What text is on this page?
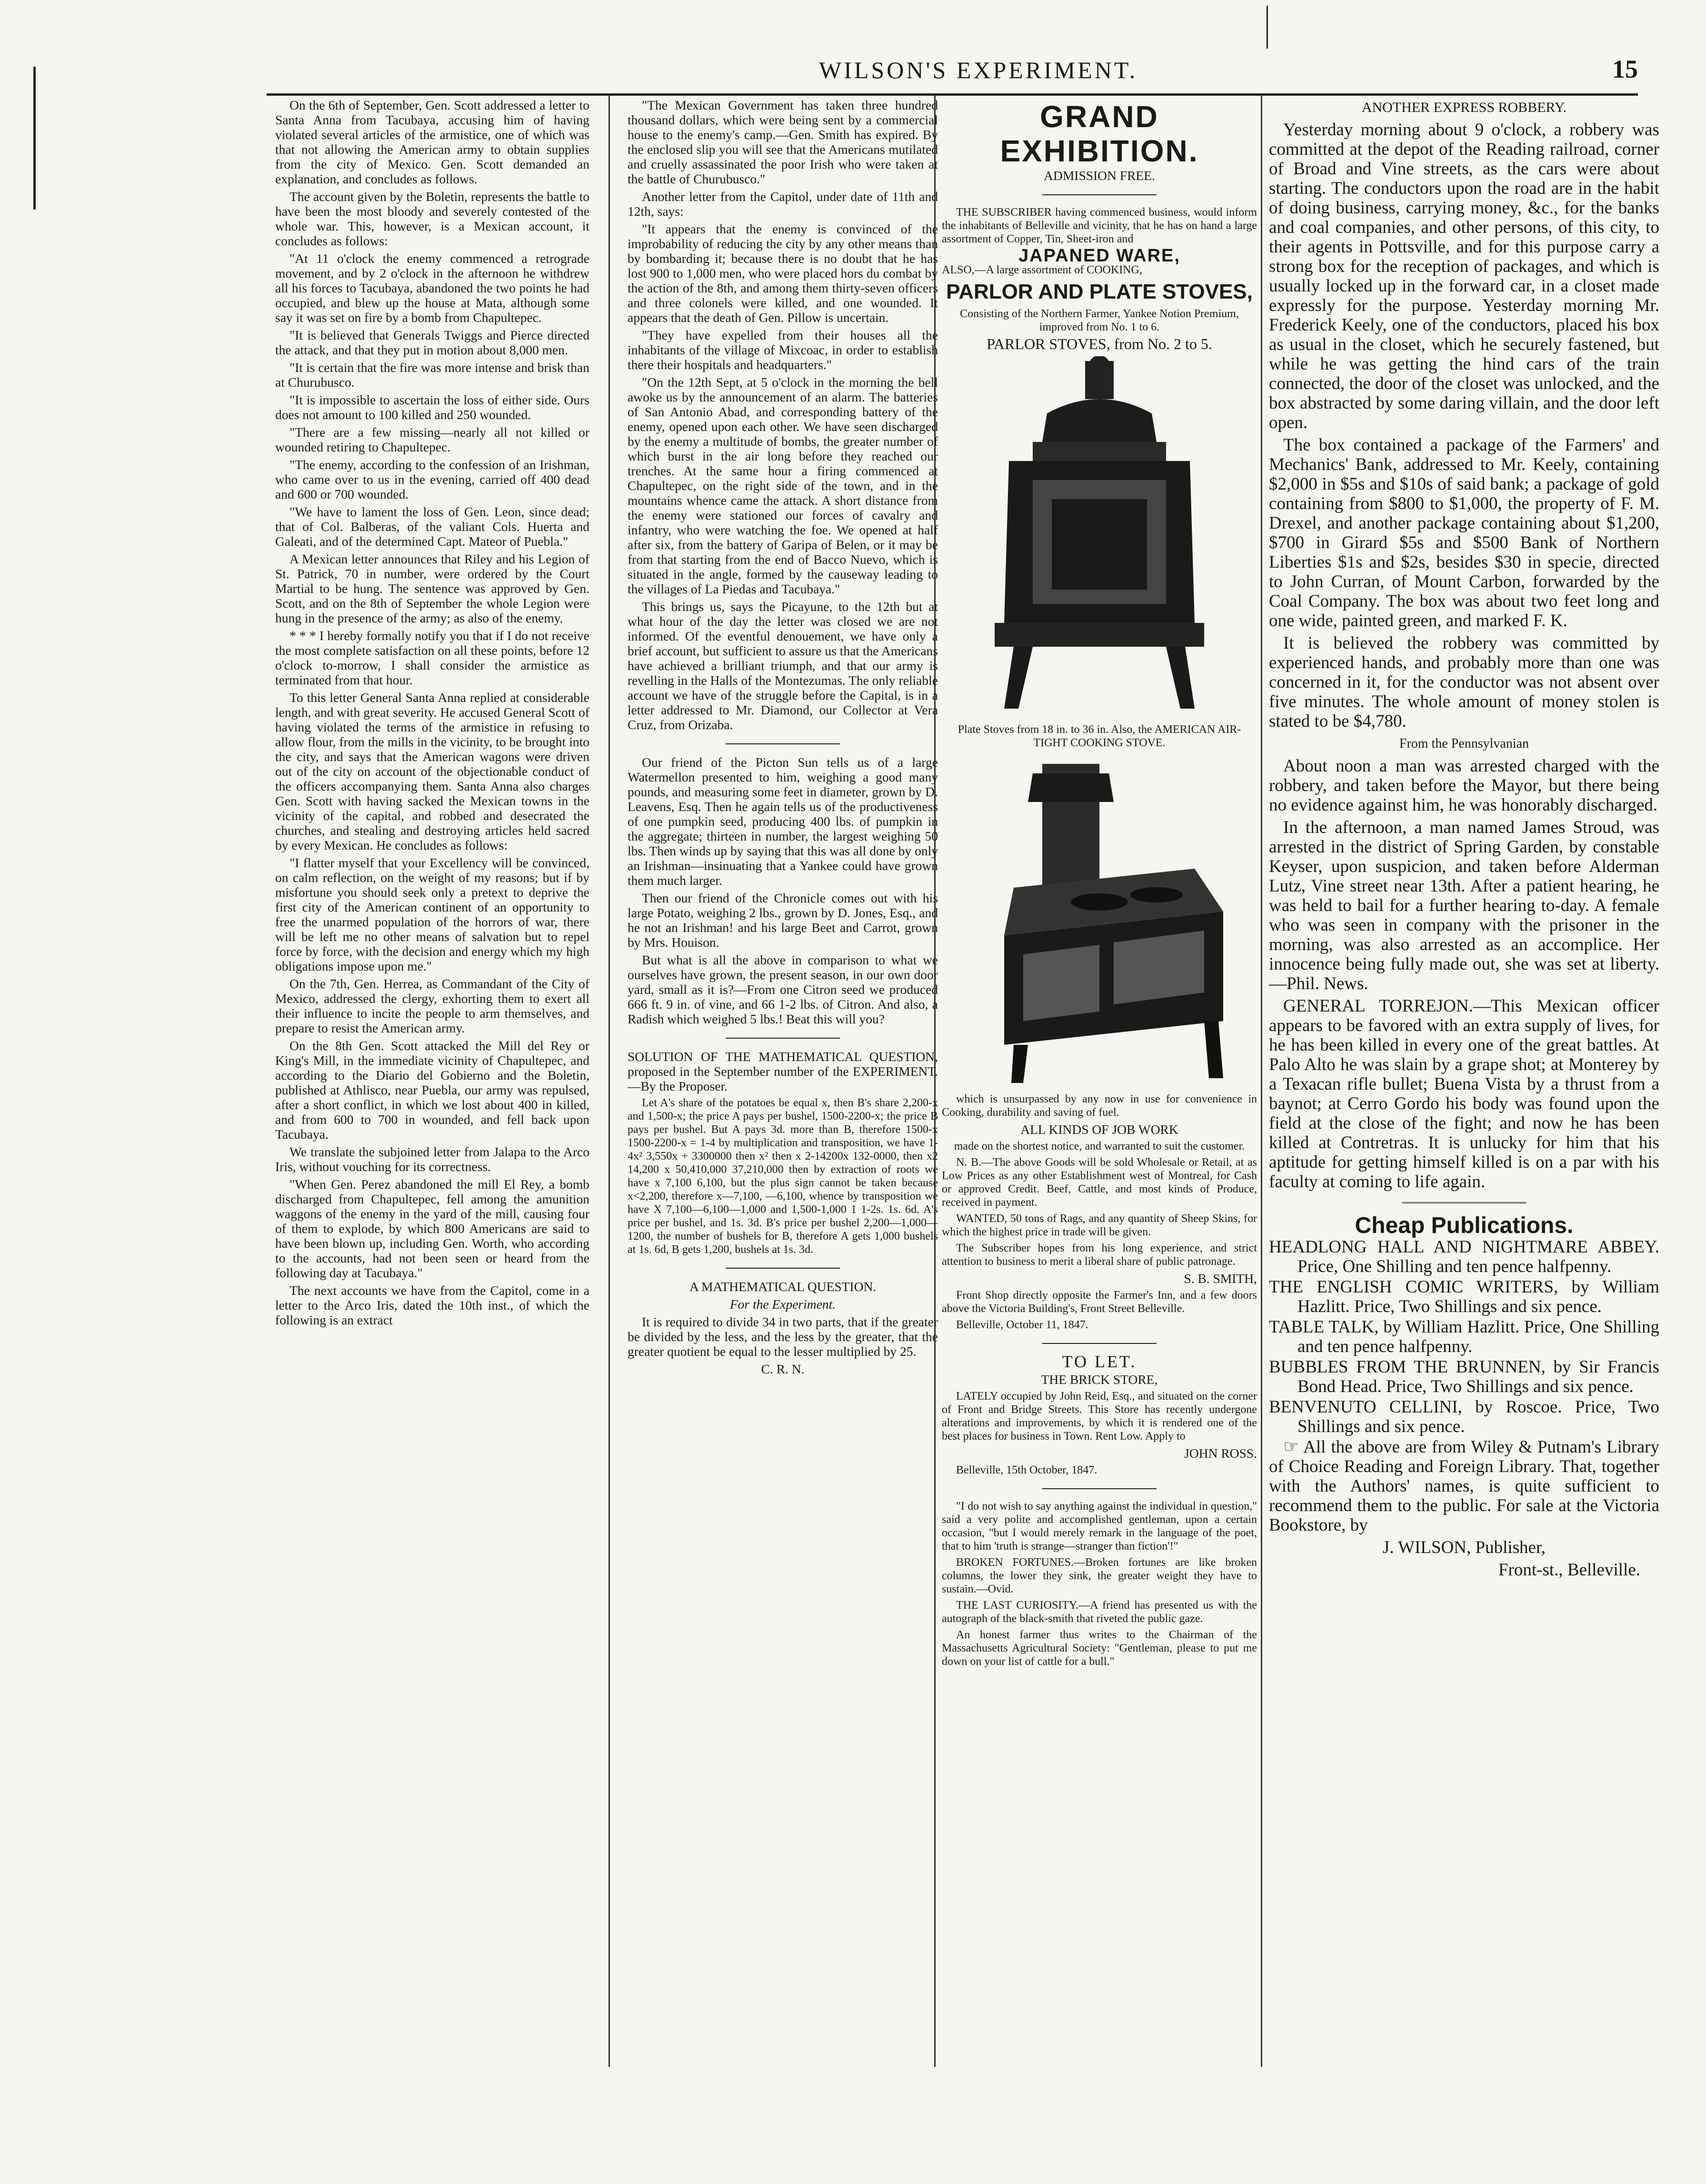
WILSON'S EXPERIMENT.	15

On the 6th of September, Gen. Scott addressed a letter to Santa Anna from Tacubaya, accusing him of having violated several articles of the armistice, one of which was that not allowing the American army to obtain supplies from the city of Mexico. Gen. Scott demanded an explanation, and concludes as follows.

The account given by the Boletin, represents the battle to have been the most bloody and severely contested of the whole war. This, however, is a Mexican account, it concludes as follows:

"At 11 o'clock the enemy commenced a retrograde movement, and by 2 o'clock in the afternoon he withdrew all his forces to Tacubaya, abandoned the two points he had occupied, and blew up the house at Mata, although some say it was set on fire by a bomb from Chapultepec.

"It is believed that Generals Twiggs and Pierce directed the attack, and that they put in motion about 8,000 men.

"It is certain that the fire was more intense and brisk than at Churubusco.

"It is impossible to ascertain the loss of either side. Ours does not amount to 100 killed and 250 wounded.

"There are a few missing—nearly all not killed or wounded retiring to Chapultepec.

"The enemy, according to the confession of an Irishman, who came over to us in the evening, carried off 400 dead and 600 or 700 wounded.

"We have to lament the loss of Gen. Leon, since dead; that of Col. Balberas, of the valiant Cols. Huerta and Galeati, and of the determined Capt. Mateor of Puebla."

A Mexican letter announces that Riley and his Legion of St. Patrick, 70 in number, were ordered by the Court Martial to be hung. The sentence was approved by Gen. Scott, and on the 8th of September the whole Legion were hung in the presence of the army; as also of the enemy.

* * * I hereby formally notify you that if I do not receive the most complete satisfaction on all these points, before 12 o'clock to-morrow, I shall consider the armistice as terminated from that hour.

To this letter General Santa Anna replied at considerable length, and with great severity. He accused General Scott of having violated the terms of the armistice in refusing to allow flour, from the mills in the vicinity, to be brought into the city, and says that the American wagons were driven out of the city on account of the objectionable conduct of the officers accompanying them. Santa Anna also charges Gen. Scott with having sacked the Mexican towns in the vicinity of the capital, and robbed and desecrated the churches, and stealing and destroying articles held sacred by every Mexican. He concludes as follows:

"I flatter myself that your Excellency will be convinced, on calm reflection, on the weight of my reasons; but if by misfortune you should seek only a pretext to deprive the first city of the American continent of an opportunity to free the unarmed population of the horrors of war, there will be left me no other means of salvation but to repel force by force, with the decision and energy which my high obligations impose upon me."

On the 7th, Gen. Herrea, as Commandant of the City of Mexico, addressed the clergy, exhorting them to exert all their influence to incite the people to arm themselves, and prepare to resist the American army.

On the 8th Gen. Scott attacked the Mill del Rey or King's Mill, in the immediate vicinity of Chapultepec, and according to the Diario del Gobierno and the Boletin, published at Athlisco, near Puebla, our army was repulsed, after a short conflict, in which we lost about 400 in killed, and from 600 to 700 in wounded, and fell back upon Tacubaya.

We translate the subjoined letter from Jalapa to the Arco Iris, without vouching for its correctness.

"When Gen. Perez abandoned the mill El Rey, a bomb discharged from Chapultepec, fell among the amunition waggons of the enemy in the yard of the mill, causing four of them to explode, by which 800 Americans are said to have been blown up, including Gen. Worth, who according to the accounts, had not been seen or heard from the following day at Tacubaya."

The next accounts we have from the Capitol, come in a letter to the Arco Iris, dated the 10th inst., of which the following is an extract

"The Mexican Government has taken three hundred thousand dollars, which were being sent by a commercial house to the enemy's camp.—Gen. Smith has expired. By the enclosed slip you will see that the Americans mutilated and cruelly assassinated the poor Irish who were taken at the battle of Churubusco."

Another letter from the Capitol, under date of 11th and 12th, says:

"It appears that the enemy is convinced of the improbability of reducing the city by any other means than by bombarding it; because there is no doubt that he has lost 900 to 1,000 men, who were placed hors du combat by the action of the 8th, and among them thirty-seven officers and three colonels were killed, and one wounded. It appears that the death of Gen. Pillow is uncertain.

"They have expelled from their houses all the inhabitants of the village of Mixcoac, in order to establish there their hospitals and headquarters."

"On the 12th Sept, at 5 o'clock in the morning the bell awoke us by the announcement of an alarm. The batteries of San Antonio Abad, and corresponding battery of the enemy, opened upon each other. We have seen discharged by the enemy a multitude of bombs, the greater number of which burst in the air long before they reached our trenches. At the same hour a firing commenced at Chapultepec, on the right side of the town, and in the mountains whence came the attack. A short distance from the enemy were stationed our forces of cavalry and infantry, who were watching the foe. We opened at half after six, from the battery of Garipa of Belen, or it may be from that starting from the end of Bacco Nuevo, which is situated in the angle, formed by the causeway leading to the villages of La Piedas and Tacubaya."

This brings us, says the Picayune, to the 12th but at what hour of the day the letter was closed we are not informed. Of the eventful denouement, we have only a brief account, but sufficient to assure us that the Americans have achieved a brilliant triumph, and that our army is revelling in the Halls of the Montezumas. The only reliable account we have of the struggle before the Capital, is in a letter addressed to Mr. Diamond, our Collector at Vera Cruz, from Orizaba.

Our friend of the Picton Sun tells us of a large Watermellon presented to him, weighing a good many pounds, and measuring some feet in diameter, grown by D. Leavens, Esq. Then he again tells us of the productiveness of one pumpkin seed, producing 400 lbs. of pumpkin in the aggregate; thirteen in number, the largest weighing 50 lbs. Then winds up by saying that this was all done by only an Irishman—insinuating that a Yankee could have grown them much larger.

Then our friend of the Chronicle comes out with his large Potato, weighing 2 lbs., grown by D. Jones, Esq., and he not an Irishman! and his large Beet and Carrot, grown by Mrs. Houison.

But what is all the above in comparison to what we ourselves have grown, the present season, in our own door yard, small as it is?—From one Citron seed we produced 666 ft. 9 in. of vine, and 66 1-2 lbs. of Citron. And also, a Radish which weighed 5 lbs.! Beat this will you?

SOLUTION OF THE MATHEMATICAL QUESTION, proposed in the September number of the EXPERIMENT.—By the Proposer.

Let A's share of the potatoes be equal x, then B's share 2,200-x and 1,500-x; the price A pays per bushel, 1500-2200-x; the price B pays per bushel. But A pays 3d. more than B, therefore 1500-x 1500-2200-x = 1-4 by multiplication and transposition, we have 1-4x² 3,550x + 3300000 then x² then x 2-14200x 132-0000, then x2 14,200 x 50,410,000 37,210,000 then by extraction of roots we have x 7,100 6,100, but the plus sign cannot be taken because x<2,200, therefore x—7,100, —6,100, whence by transposition we have X 7,100—6,100—1,000 and 1,500-1,000 1 1-2s. 1s. 6d. A's price per bushel, and 1s. 3d. B's price per bushel 2,200—1,000—1200, the number of bushels for B, therefore A gets 1,000 bushels at 1s. 6d, B gets 1,200, bushels at 1s. 3d.

A MATHEMATICAL QUESTION.

For the Experiment.

It is required to divide 34 in two parts, that if the greater be divided by the less, and the less by the greater, that the greater quotient be equal to the lesser multiplied by 25.

C. R. N.

GRAND EXHIBITION.

ADMISSION FREE.

THE SUBSCRIBER having commenced business, would inform the inhabitants of Belleville and vicinity, that he has on hand a large assortment of Copper, Tin, Sheet-iron and

JAPANED WARE,

ALSO,—A large assortment of COOKING,

PARLOR AND PLATE STOVES,

Consisting of the Northern Farmer, Yankee Notion Premium, improved from No. 1 to 6.

PARLOR STOVES, from No. 2 to 5.

Plate Stoves from 18 in. to 36 in. Also, the AMERICAN AIR-TIGHT COOKING STOVE.

which is unsurpassed by any now in use for convenience in Cooking, durability and saving of fuel.

ALL KINDS OF JOB WORK

made on the shortest notice, and warranted to suit the customer.

N. B.—The above Goods will be sold Wholesale or Retail, at as Low Prices as any other Establishment west of Montreal, for Cash or approved Credit. Beef, Cattle, and most kinds of Produce, received in payment.

WANTED, 50 tons of Rags, and any quantity of Sheep Skins, for which the highest price in trade will be given.

The Subscriber hopes from his long experience, and strict attention to business to merit a liberal share of public patronage.

S. B. SMITH,

Front Shop directly opposite the Farmer's Inn, and a few doors above the Victoria Building's, Front Street Belleville.

Belleville, October 11, 1847.

TO LET.

THE BRICK STORE,

LATELY occupied by John Reid, Esq., and situated on the corner of Front and Bridge Streets. This Store has recently undergone alterations and improvements, by which it is rendered one of the best places for business in Town. Rent Low. Apply to

JOHN ROSS.

Belleville, 15th October, 1847.

"I do not wish to say anything against the individual in question," said a very polite and accomplished gentleman, upon a certain occasion, "but I would merely remark in the language of the poet, that to him 'truth is strange—stranger than fiction'!"

BROKEN FORTUNES.—Broken fortunes are like broken columns, the lower they sink, the greater weight they have to sustain.—Ovid.

THE LAST CURIOSITY.—A friend has presented us with the autograph of the black-smith that riveted the public gaze.

An honest farmer thus writes to the Chairman of the Massachusetts Agricultural Society: "Gentleman, please to put me down on your list of cattle for a bull."

ANOTHER EXPRESS ROBBERY.

Yesterday morning about 9 o'clock, a robbery was committed at the depot of the Reading railroad, corner of Broad and Vine streets, as the cars were about starting. The conductors upon the road are in the habit of doing business, carrying money, &c., for the banks and coal companies, and other persons, of this city, to their agents in Pottsville, and for this purpose carry a strong box for the reception of packages, and which is usually locked up in the forward car, in a closet made expressly for the purpose. Yesterday morning Mr. Frederick Keely, one of the conductors, placed his box as usual in the closet, which he securely fastened, but while he was getting the hind cars of the train connected, the door of the closet was unlocked, and the box abstracted by some daring villain, and the door left open.

The box contained a package of the Farmers' and Mechanics' Bank, addressed to Mr. Keely, containing $2,000 in $5s and $10s of said bank; a package of gold containing from $800 to $1,000, the property of F. M. Drexel, and another package containing about $1,200, $700 in Girard $5s and $500 Bank of Northern Liberties $1s and $2s, besides $30 in specie, directed to John Curran, of Mount Carbon, forwarded by the Coal Company. The box was about two feet long and one wide, painted green, and marked F. K.

It is believed the robbery was committed by experienced hands, and probably more than one was concerned in it, for the conductor was not absent over five minutes. The whole amount of money stolen is stated to be $4,780.

From the Pennsylvanian

About noon a man was arrested charged with the robbery, and taken before the Mayor, but there being no evidence against him, he was honorably discharged.

In the afternoon, a man named James Stroud, was arrested in the district of Spring Garden, by constable Keyser, upon suspicion, and taken before Alderman Lutz, Vine street near 13th. After a patient hearing, he was held to bail for a further hearing to-day. A female who was seen in company with the prisoner in the morning, was also arrested as an accomplice. Her innocence being fully made out, she was set at liberty.—Phil. News.

GENERAL TORREJON.—This Mexican officer appears to be favored with an extra supply of lives, for he has been killed in every one of the great battles. At Palo Alto he was slain by a grape shot; at Monterey by a Texacan rifle bullet; Buena Vista by a thrust from a baynot; at Cerro Gordo his body was found upon the field at the close of the fight; and now he has been killed at Contretras. It is unlucky for him that his aptitude for getting himself killed is on a par with his faculty at coming to life again.

Cheap Publications.

HEADLONG HALL AND NIGHTMARE ABBEY. Price, One Shilling and ten pence halfpenny.

THE ENGLISH COMIC WRITERS, by William Hazlitt. Price, Two Shillings and six pence.

TABLE TALK, by William Hazlitt. Price, One Shilling and ten pence halfpenny.

BUBBLES FROM THE BRUNNEN, by Sir Francis Bond Head. Price, Two Shillings and six pence.

BENVENUTO CELLINI, by Roscoe. Price, Two Shillings and six pence.

☞ All the above are from Wiley & Putnam's Library of Choice Reading and Foreign Library. That, together with the Authors' names, is quite sufficient to recommend them to the public. For sale at the Victoria Bookstore, by

J. WILSON, Publisher,

Front-st., Belleville.
